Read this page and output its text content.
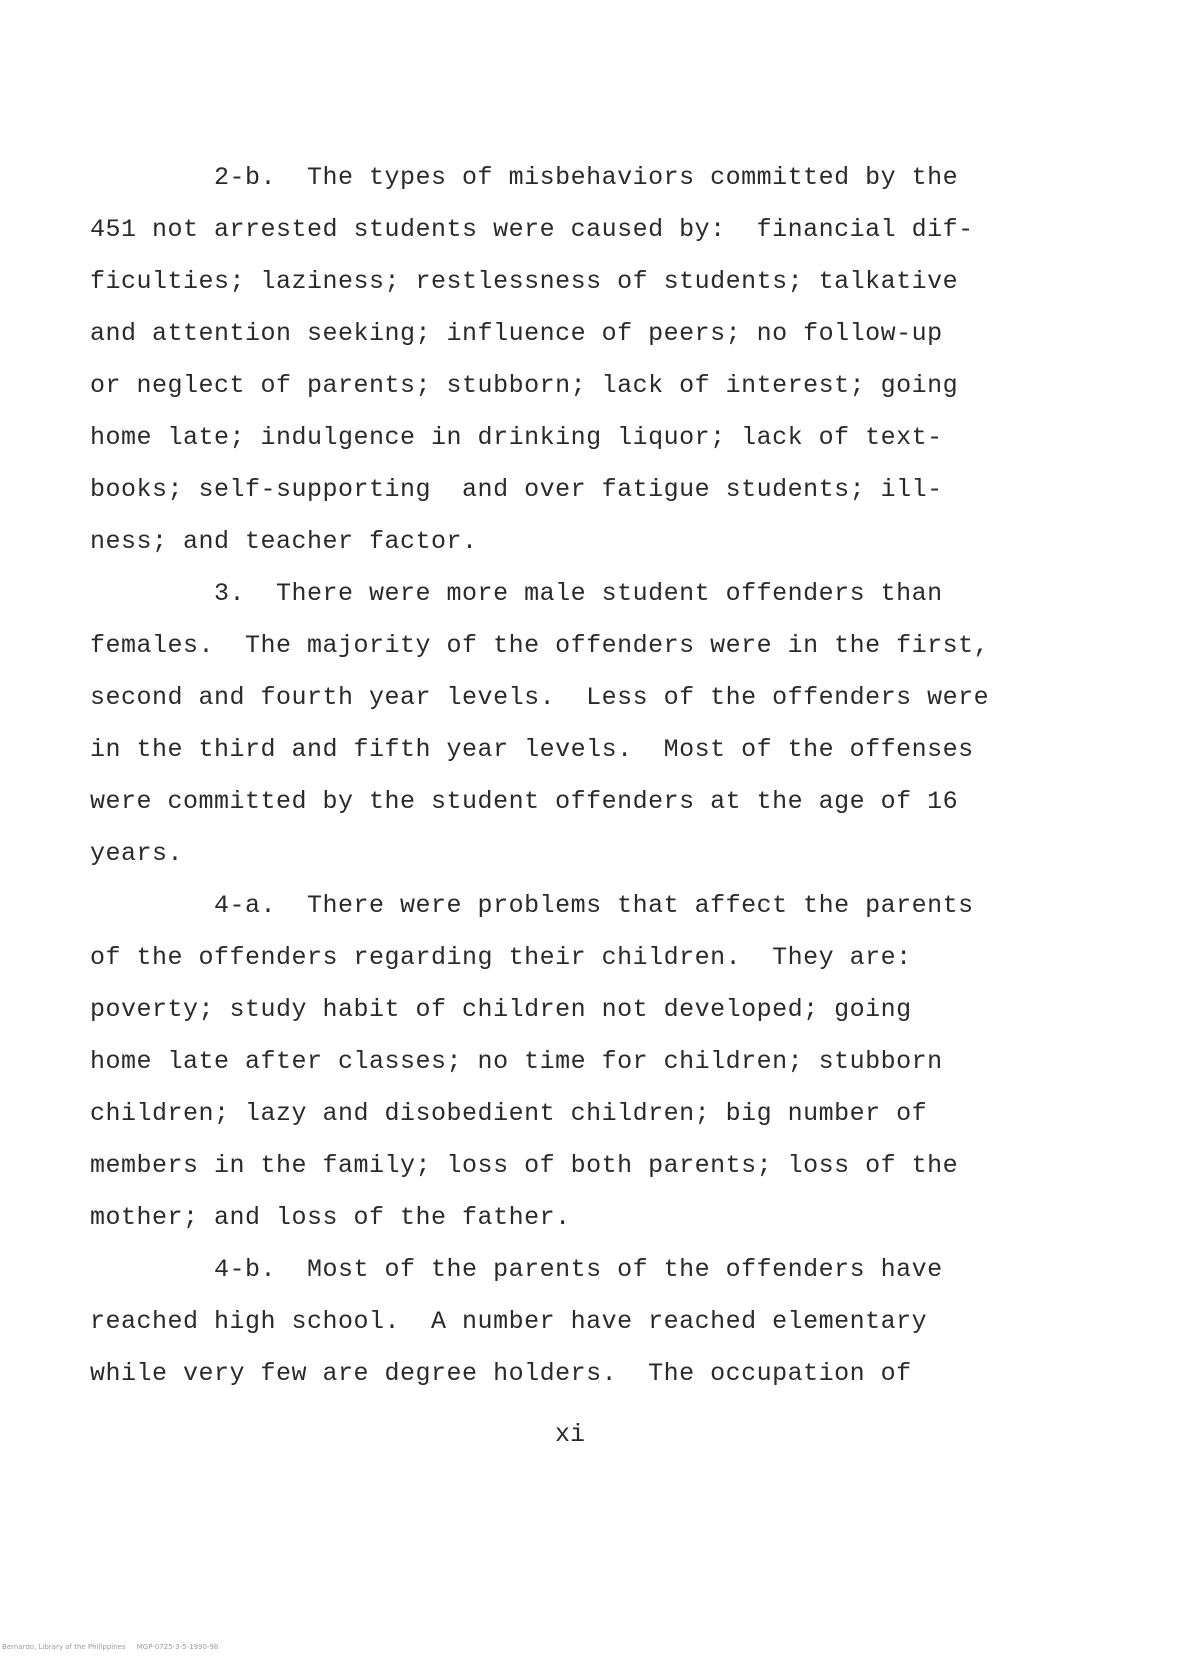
2-b.  The types of misbehaviors committed by the
451 not arrested students were caused by:  financial dif-
ficulties; laziness; restlessness of students; talkative
and attention seeking; influence of peers; no follow-up
or neglect of parents; stubborn; lack of interest; going
home late; indulgence in drinking liquor; lack of text-
books; self-supporting  and over fatigue students; ill-
ness; and teacher factor.
3.  There were more male student offenders than
females.  The majority of the offenders were in the first,
second and fourth year levels.  Less of the offenders were
in the third and fifth year levels.  Most of the offenses
were committed by the student offenders at the age of 16
years.
4-a.  There were problems that affect the parents
of the offenders regarding their children.  They are:
poverty; study habit of children not developed; going
home late after classes; no time for children; stubborn
children; lazy and disobedient children; big number of
members in the family; loss of both parents; loss of the
mother; and loss of the father.
4-b.  Most of the parents of the offenders have
reached high school.  A number have reached elementary
while very few are degree holders.  The occupation of
xi
Bernardo, Library of the Philippines     MGP-0725-3-5-1990-98
